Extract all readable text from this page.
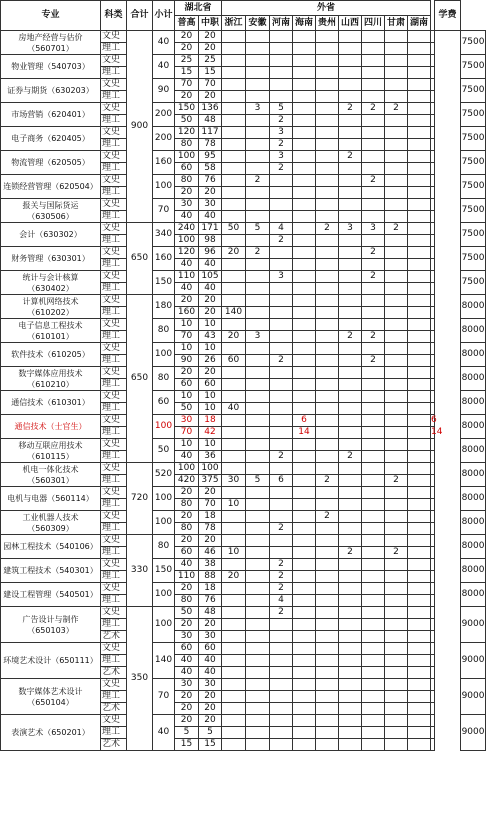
专业	科类	合计	小计	湖北省		外省										学费	
				普高	中职	浙江	安徽	河南	海南	贵州	山西	四川	甘肃	湖南			
房地产经营与估价（560701）	文史	900	40	20	20												7500
	理工			20	20												
物业管理（540703）	文史		40	25	25												7500
	理工			15	15												
证券与期货（630203）	文史		90	70	70												7500
	理工			20	20												
市场营销（620401）	文史		200	150	136		3	5			2	2	2				7500
	理工			50	48			2									
电子商务（620405）	文史		200	120	117			3									7500
	理工			80	78			2									
物流管理（620505）	文史		160	100	95			3			2						7500
	理工			60	58			2									
连锁经营管理（620504）	文史		100	80	76		2					2					7500
	理工			20	20												
报关与国际货运（630506）	文史		70	30	30												7500
	理工			40	40												
会计（630302）	文史	650	340	240	171	50	5	4		2	3	3	2				7500
	理工			100	98			2									
财务管理（630301）	文史		160	120	96	20	2					2					7500
	理工			40	40												
统计与会计核算（630402）	文史		150	110	105			3				2					7500
	理工			40	40												
计算机网络技术（610202）	文史	650	180	20	20												8000
	理工			160	20	140											
电子信息工程技术（610101）	文史		80	10	10												8000
	理工			70	43	20	3				2	2					
软件技术（610205）	文史		100	10	10												8000
	理工			90	26	60		2				2					
数字媒体应用技术（610210）	文史		80	20	20												8000
	理工			60	60												
通信技术（610301）	文史		60	10	10												8000
	理工			50	10	40											
通信技术（士官生）	文史		100	30	18				6						6		8000
	理工			70	42				14						14		
移动互联应用技术（610115）	文史		50	10	10												8000
	理工			40	36			2			2						
机电一体化技术（560301）	文史	720	520	100	100												8000
	理工			420	375	30	5	6		2			2				
电机与电器（560114）	文史		100	20	20												8000
	理工			80	70	10											
工业机器人技术（560309）	文史		100	20	18					2							8000
	理工			80	78			2									
园林工程技术（540106）	文史	330	80	20	20												8000
	理工			60	46	10					2		2				
建筑工程技术（540301）	文史		150	40	38			2									8000
	理工			110	88	20		2									
建设工程管理（540501）	文史		100	20	18			2									8000
	理工			80	76			4									
广告设计与制作（650103）	文史	350	100	50	48			2									9000
	理工			20	20												
	艺术			30	30												
环境艺术设计（650111）	文史		140	60	60												9000
	理工			40	40												
	艺术			40	40												
数字媒体艺术设计（650104）	文史		70	30	30												9000
	理工			20	20												
	艺术			20	20												
表演艺术（650201）	文史		40	20	20												9000
	理工			5	5												
	艺术			15	15												
